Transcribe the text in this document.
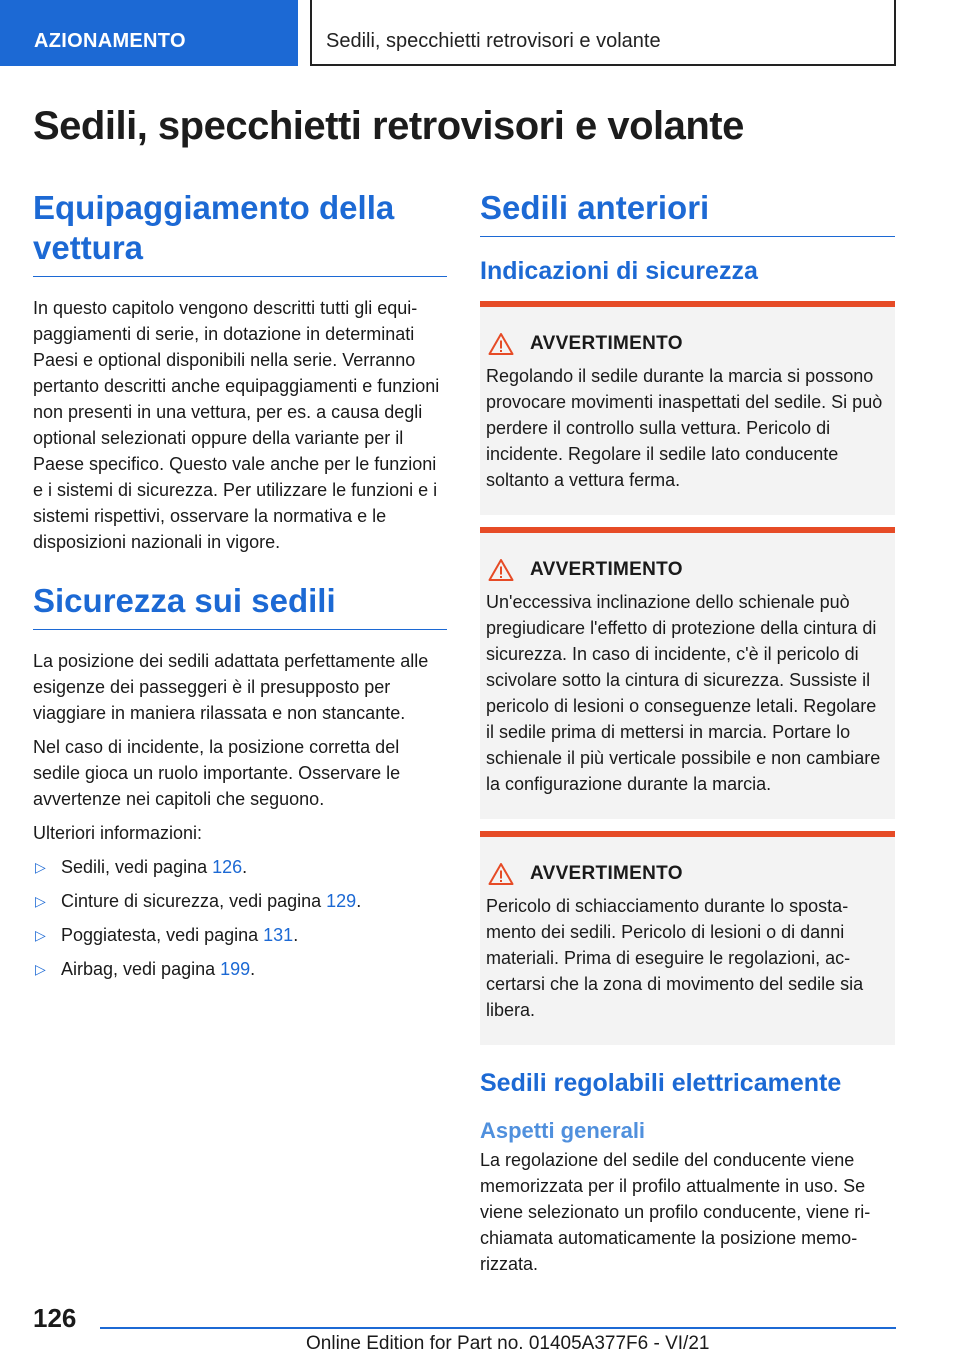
AZIONAMENTO	Sedili, specchietti retrovisori e volante
Sedili, specchietti retrovisori e volante
Equipaggiamento della vettura
In questo capitolo vengono descritti tutti gli equipaggiamenti di serie, in dotazione in determinati Paesi e optional disponibili nella serie. Verranno pertanto descritti anche equipaggiamenti e funzioni non presenti in una vettura, per es. a causa degli optional selezionati oppure della variante per il Paese specifico. Questo vale anche per le funzioni e i sistemi di sicurezza. Per utilizzare le funzioni e i sistemi rispettivi, osservare la normativa e le disposizioni nazionali in vigore.
Sicurezza sui sedili
La posizione dei sedili adattata perfettamente alle esigenze dei passeggeri è il presupposto per viaggiare in maniera rilassata e non stancante.
Nel caso di incidente, la posizione corretta del sedile gioca un ruolo importante. Osservare le avvertenze nei capitoli che seguono.
Ulteriori informazioni:
▷ Sedili, vedi pagina 126.
▷ Cinture di sicurezza, vedi pagina 129.
▷ Poggiatesta, vedi pagina 131.
▷ Airbag, vedi pagina 199.
Sedili anteriori
Indicazioni di sicurezza
AVVERTIMENTO
Regolando il sedile durante la marcia si possono provocare movimenti inaspettati del sedile. Si può perdere il controllo sulla vettura. Pericolo di incidente. Regolare il sedile lato conducente soltanto a vettura ferma.
AVVERTIMENTO
Un'eccessiva inclinazione dello schienale può pregiudicare l'effetto di protezione della cintura di sicurezza. In caso di incidente, c'è il pericolo di scivolare sotto la cintura di sicurezza. Sussiste il pericolo di lesioni o conseguenze letali. Regolare il sedile prima di mettersi in marcia. Portare lo schienale il più verticale possibile e non cambiare la configurazione durante la marcia.
AVVERTIMENTO
Pericolo di schiacciamento durante lo spostamento dei sedili. Pericolo di lesioni o di danni materiali. Prima di eseguire le regolazioni, accertarsi che la zona di movimento del sedile sia libera.
Sedili regolabili elettricamente
Aspetti generali
La regolazione del sedile del conducente viene memorizzata per il profilo attualmente in uso. Se viene selezionato un profilo conducente, viene richiamata automaticamente la posizione memorizzata.
126
Online Edition for Part no. 01405A377F6 - VI/21
